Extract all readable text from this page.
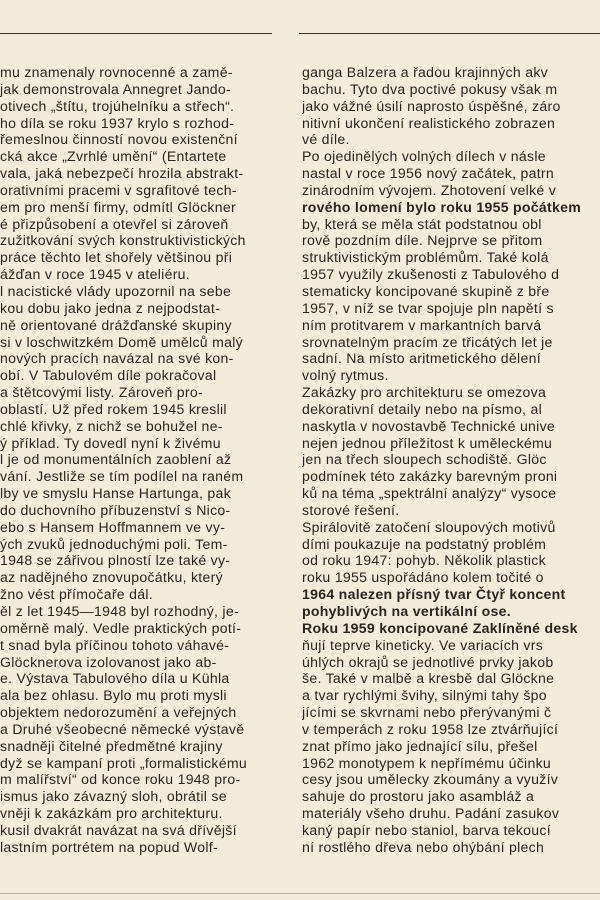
mu znamenaly rovnocenné a zamě-
jak demonstrovala Annegret Jando-
otivech „štítu, trojúhelníku a střech“.
ho díla se roku 1937 krylo s rozhod-
řemeslnou činností novou existenční
cká akce „Zvrhlé umění“ (Entartete
vala, jaká nebezpečí hrozila abstrakt-
orativními pracemi v sgrafitové tech-
em pro menší firmy, odmítl Glöckner
é přizpůsobení a otevřel si zároveň
zužitkování svých konstruktivistických
práce těchto let shořely většinou při
ážďan v roce 1945 v ateliéru.
l nacistické vlády upozornil na sebe
kou dobu jako jedna z nejpodstat-
ně orientované drážďanské skupiny
si v loschwitzkém Domě umělců malý
nových pracích navázal na své kon-
obí. V Tabulovém díle pokračoval
a štětcovými listy. Zároveň pro-
oblastí. Už před rokem 1945 kreslil
chlé křivky, z nichž se bohužel ne-
ý příklad. Ty dovedl nyní k živému
l je od monumentálních zaoblení až
vání. Jestliže se tím podílel na raném
lby ve smyslu Hanse Hartunga, pak
do duchovního příbuzenství s Nico-
ebo s Hansem Hoffmannem ve vy-
ých zvuků jednoduchými poli. Tem-
1948 se zářivou plností lze také vy-
az nadějného znovupočátku, který
žno vést přímočaře dál.
ěl z let 1945—1948 byl rozhodný, je-
oměrně malý. Vedle praktických potí-
t snad byla příčinou tohoto váhavé-
Glöcknerova izolovanost jako ab-
e. Výstava Tabulového díla u Kühla
ala bez ohlasu. Bylo mu proti mysli
objektem nedorozumění a veřejných
a Druhé všeobecné německé výstavě
snadněji čitelné předmětné krajiny
dyž se kampaní proti „formalistickému
m malířství“ od konce roku 1948 pro-
ismus jako závazný sloh, obrátil se
vněji k zakázkám pro architekturu.
kusil dvakrát navázat na svá dřívější
lastním portrétem na popud Wolf-
ganga Balzera a řadou krajinných akv
bachu. Tyto dva poctivé pokusy však m
jako vážné úsilí naprosto úspěšné, záro
nitivní ukončení realistického zobrazen
vé díle.
Po ojedinělých volných dílech v násle
nastal v roce 1956 nový začátek, patrn
zinárodním vývojem. Zhotovení velké v
rového lomení bylo roku 1955 počátkem
by, která se měla stát podstatnou obl
rově pozdním díle. Nejprve se přitom
struktivistickým problémům. Také kolá
1957 využily zkušenosti z Tabulového d
stematicky koncipované skupině z bře
1957, v níž se tvar spojuje pln napětí s
ním protitvarem v markantních barvá
srovnatelným pracím ze třicátých let je
sadní. Na místo aritmetického dělení
volný rytmus.
Zakázky pro architekturu se omezova
dekorativní detaily nebo na písmo, al
naskytla v novostavbě Technické unive
nejen jednou příležitost k uměleckému
jen na třech sloupech schodiště. Glöc
podmínek této zakázky barevným proni
ků na téma „spektrální analýzy“ vysoce
storové řešení.
Spirálovitě zatočení sloupových motivů
dími poukazuje na podstatný problém
od roku 1947: pohyb. Několik plastick
roku 1955 uspořádáno kolem točité o
1964 nalezen přísný tvar Čtyř koncent
pohyblivých na vertikální ose.
Roku 1959 koncipované Zaklíněné desk
ňují teprve kineticky. Ve variacích vrs
úhlých okrajů se jednotlivé prvky jakob
še. Také v malbě a kresbě dal Glöckne
a tvar rychlými švihy, silnými tahy špo
jícími se skvrnami nebo přerývanými č
v temperách z roku 1958 lze ztvárňující
znat přímo jako jednající sílu, přešel
1962 monotypem k nepřímému účinku
cesy jsou umělecky zkoumány a využív
sahuje do prostoru jako asambláž a
materiály všeho druhu. Padání zasukov
kaný papír nebo staniol, barva tekoucí
ní rostlého dřeva nebo ohýbání plech
